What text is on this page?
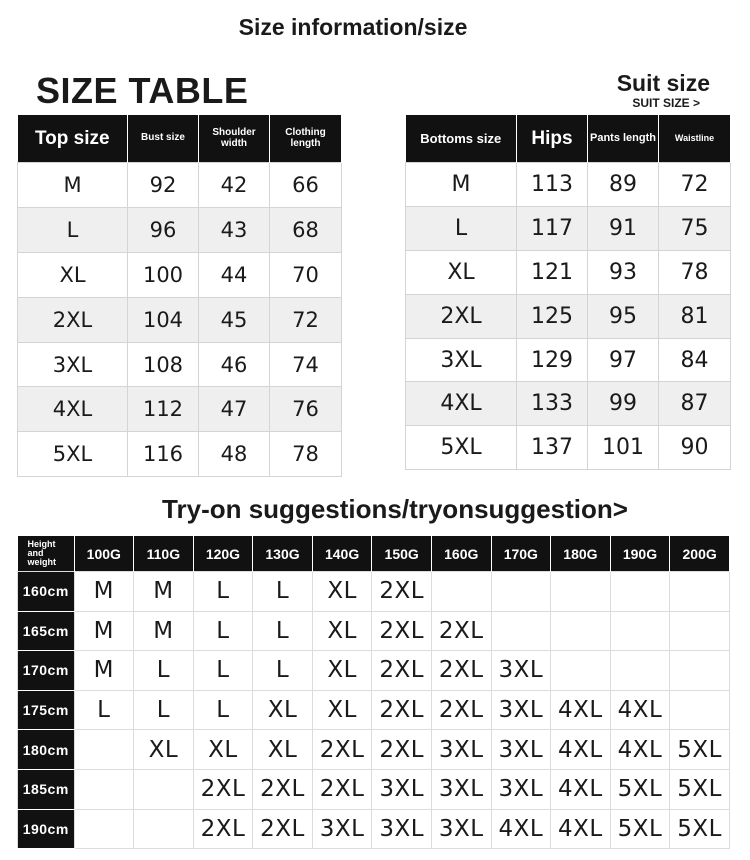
Size information/size
SIZE TABLE	Suit size
SUIT SIZE >
Top size	Bust size	Shoulder width	Clothing length
M	92	42	66
L	96	43	68
XL	100	44	70
2XL	104	45	72
3XL	108	46	74
4XL	112	47	76
5XL	116	48	78
Bottoms size	Hips	Pants length	Waistline
M	113	89	72
L	117	91	75
XL	121	93	78
2XL	125	95	81
3XL	129	97	84
4XL	133	99	87
5XL	137	101	90
Try-on suggestions/tryonsuggestion>
Height and weight	100G	110G	120G	130G	140G	150G	160G	170G	180G	190G	200G
160cm	M	M	L	L	XL	2XL					
165cm	M	M	L	L	XL	2XL	2XL				
170cm	M	L	L	L	XL	2XL	2XL	3XL			
175cm	L	L	L	XL	XL	2XL	2XL	3XL	4XL	4XL	
180cm		XL	XL	XL	2XL	2XL	3XL	3XL	4XL	4XL	5XL
185cm			2XL	2XL	2XL	3XL	3XL	3XL	4XL	5XL	5XL
190cm			2XL	2XL	3XL	3XL	3XL	4XL	4XL	5XL	5XL
